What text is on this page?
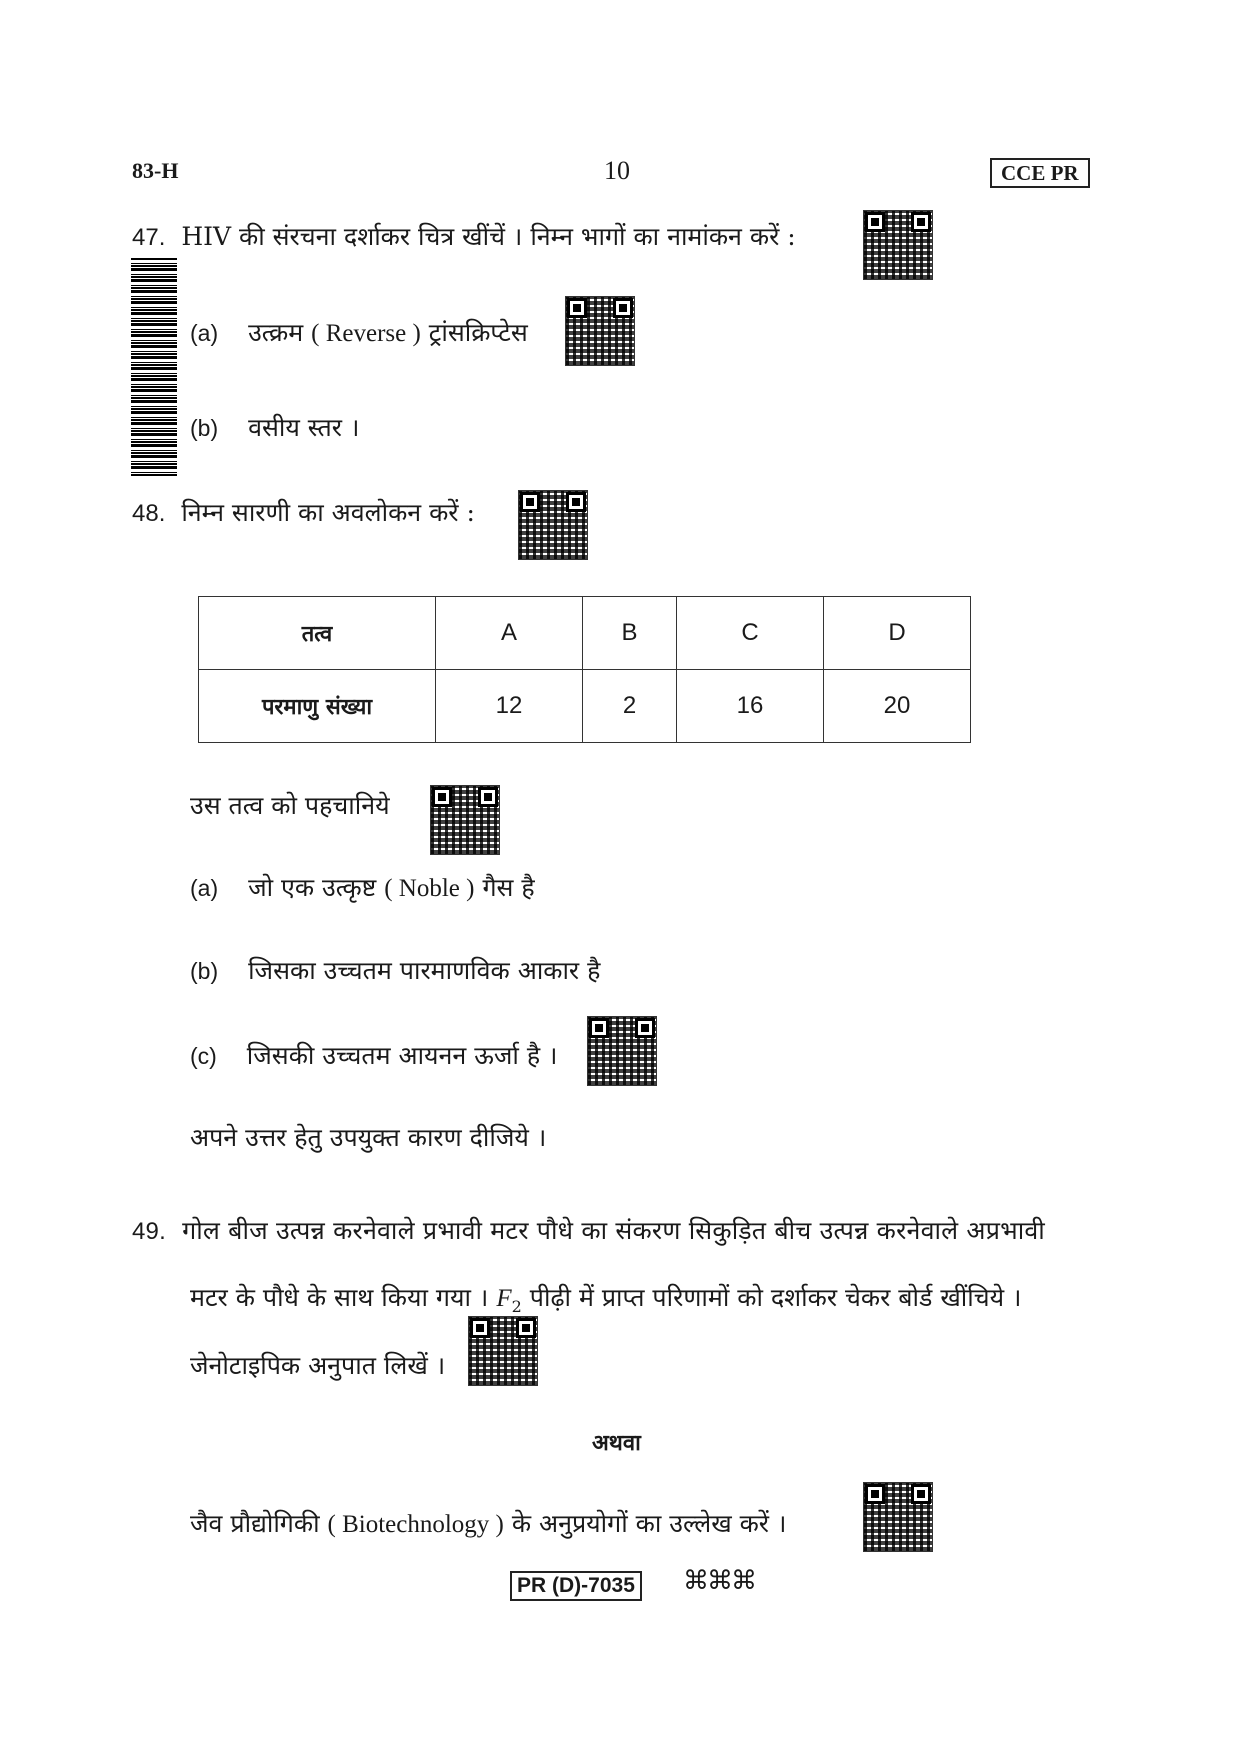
83-H	10	CCE PR
47. HIV की संरचना दर्शाकर चित्र खींचें । निम्न भागों का नामांकन करें :
(a) उत्क्रम ( Reverse ) ट्रांसक्रिप्टेस
(b) वसीय स्तर ।
48. निम्न सारणी का अवलोकन करें :
तत्व	A	B	C	D
परमाणु संख्या	12	2	16	20
उस तत्व को पहचानिये
(a) जो एक उत्कृष्ट ( Noble ) गैस है
(b) जिसका उच्चतम पारमाणविक आकार है
(c) जिसकी उच्चतम आयनन ऊर्जा है ।
अपने उत्तर हेतु उपयुक्त कारण दीजिये ।
49. गोल बीज उत्पन्न करनेवाले प्रभावी मटर पौधे का संकरण सिकुड़ित बीच उत्पन्न करनेवाले अप्रभावी
मटर के पौधे के साथ किया गया । $F_2$ पीढ़ी में प्राप्त परिणामों को दर्शाकर चेकर बोर्ड खींचिये ।
जेनोटाइपिक अनुपात लिखें ।
अथवा
जैव प्रौद्योगिकी ( Biotechnology ) के अनुप्रयोगों का उल्लेख करें ।
PR (D)-7035 ⌘⌘⌘
